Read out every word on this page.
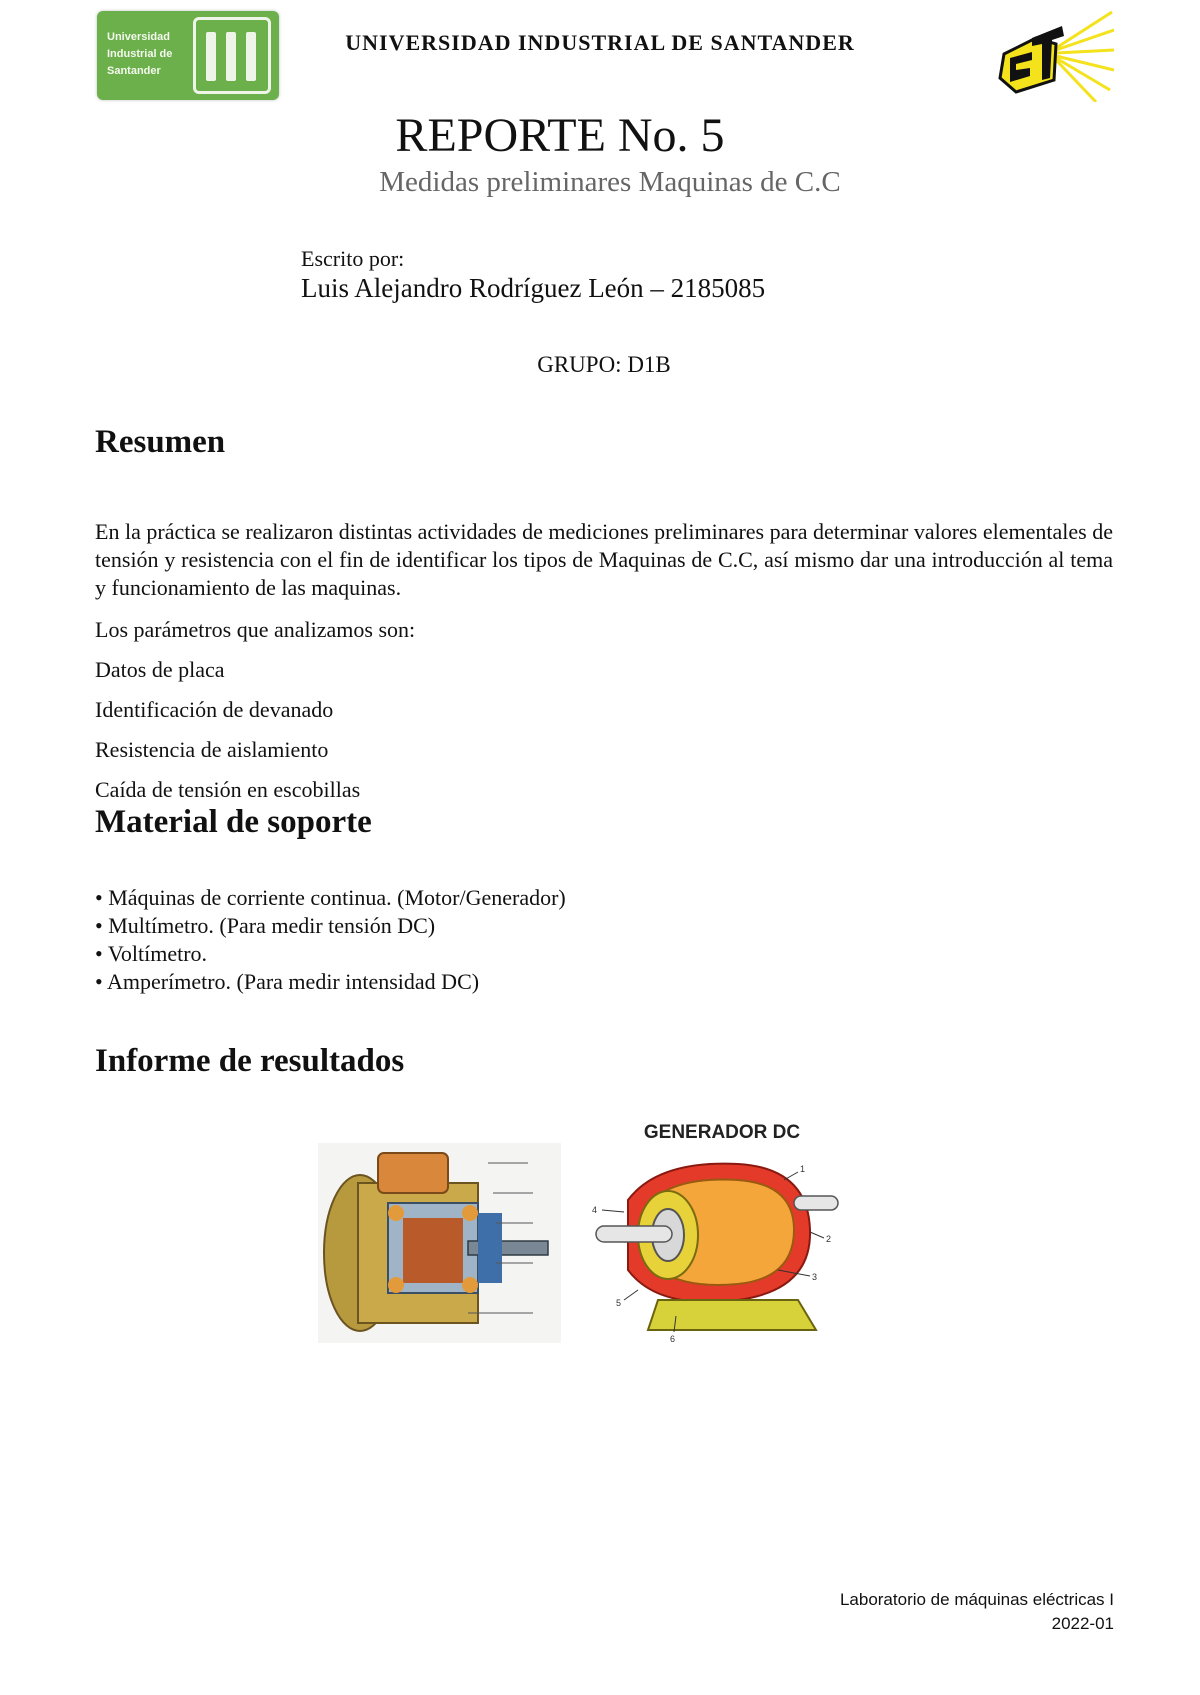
Universidad
Industrial de
Santander
UNIVERSIDAD INDUSTRIAL DE SANTANDER
REPORTE No. 5
Medidas preliminares Maquinas de C.C
Escrito por:
Luis Alejandro Rodríguez León – 2185085
GRUPO: D1B
Resumen

En la práctica se realizaron distintas actividades de mediciones preliminares para determinar valores elementales de tensión y resistencia con el fin de identificar los tipos de Maquinas de C.C, así mismo dar una introducción al tema y funcionamiento de las maquinas.

Los parámetros que analizamos son:
Datos de placa
Identificación de devanado
Resistencia de aislamiento
Caída de tensión en escobillas
Material de soporte
• Máquinas de corriente continua. (Motor/Generador)
• Multímetro. (Para medir tensión DC)
• Voltímetro.
• Amperímetro. (Para medir intensidad DC)
Informe de resultados
GENERADOR DC
1
2
3
4
5
6
Laboratorio de máquinas eléctricas I
2022-01
